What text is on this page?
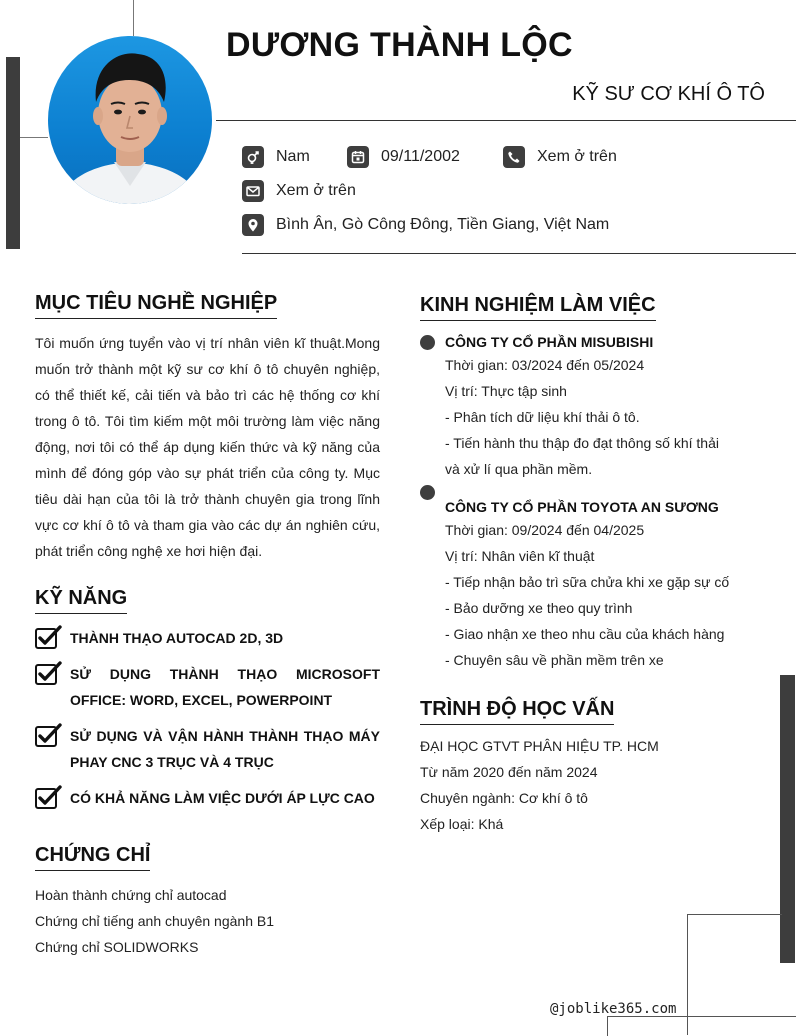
DƯƠNG THÀNH LỘC
KỸ SƯ CƠ KHÍ Ô TÔ
Nam	09/11/2002	Xem ở trên
Xem ở trên
Bình Ân, Gò Công Đông, Tiền Giang, Việt Nam
MỤC TIÊU NGHỀ NGHIỆP
Tôi muốn ứng tuyển vào vị trí nhân viên kĩ thuật.Mong muốn trở thành một kỹ sư cơ khí ô tô chuyên nghiệp, có thể thiết kế, cải tiến và bảo trì các hệ thống cơ khí trong ô tô. Tôi tìm kiếm một môi trường làm việc năng động, nơi tôi có thể áp dụng kiến thức và kỹ năng của mình để đóng góp vào sự phát triển của công ty. Mục tiêu dài hạn của tôi là trở thành chuyên gia trong lĩnh vực cơ khí ô tô và tham gia vào các dự án nghiên cứu, phát triển công nghệ xe hơi hiện đại.
KỸ NĂNG
THÀNH THẠO AUTOCAD 2D, 3D
SỬ DỤNG THÀNH THẠO MICROSOFT OFFICE: WORD, EXCEL, POWERPOINT
SỬ DỤNG VÀ VẬN HÀNH THÀNH THẠO MÁY PHAY CNC 3 TRỤC VÀ 4 TRỤC
CÓ KHẢ NĂNG LÀM VIỆC DƯỚI ÁP LỰC CAO
CHỨNG CHỈ
Hoàn thành chứng chỉ autocad
Chứng chỉ tiếng anh chuyên ngành B1
Chứng chỉ SOLIDWORKS
KINH NGHIỆM LÀM VIỆC
CÔNG TY CỔ PHẦN MISUBISHI
Thời gian: 03/2024 đến 05/2024
Vị trí: Thực tập sinh
- Phân tích dữ liệu khí thải ô tô.
- Tiến hành thu thập đo đạt thông số khí thải
và xử lí qua phần mềm.
CÔNG TY CỔ PHẦN TOYOTA AN SƯƠNG
Thời gian: 09/2024 đến 04/2025
Vị trí: Nhân viên kĩ thuật
- Tiếp nhận bảo trì sữa chửa khi xe gặp sự cố
- Bảo dưỡng xe theo quy trình
- Giao nhận xe theo nhu cầu của khách hàng
- Chuyên sâu về phần mềm trên xe
TRÌNH ĐỘ HỌC VẤN
ĐẠI HỌC GTVT PHÂN HIỆU TP. HCM
Từ năm 2020 đến năm 2024
Chuyên ngành: Cơ khí ô tô
Xếp loại: Khá
@joblike365.com
